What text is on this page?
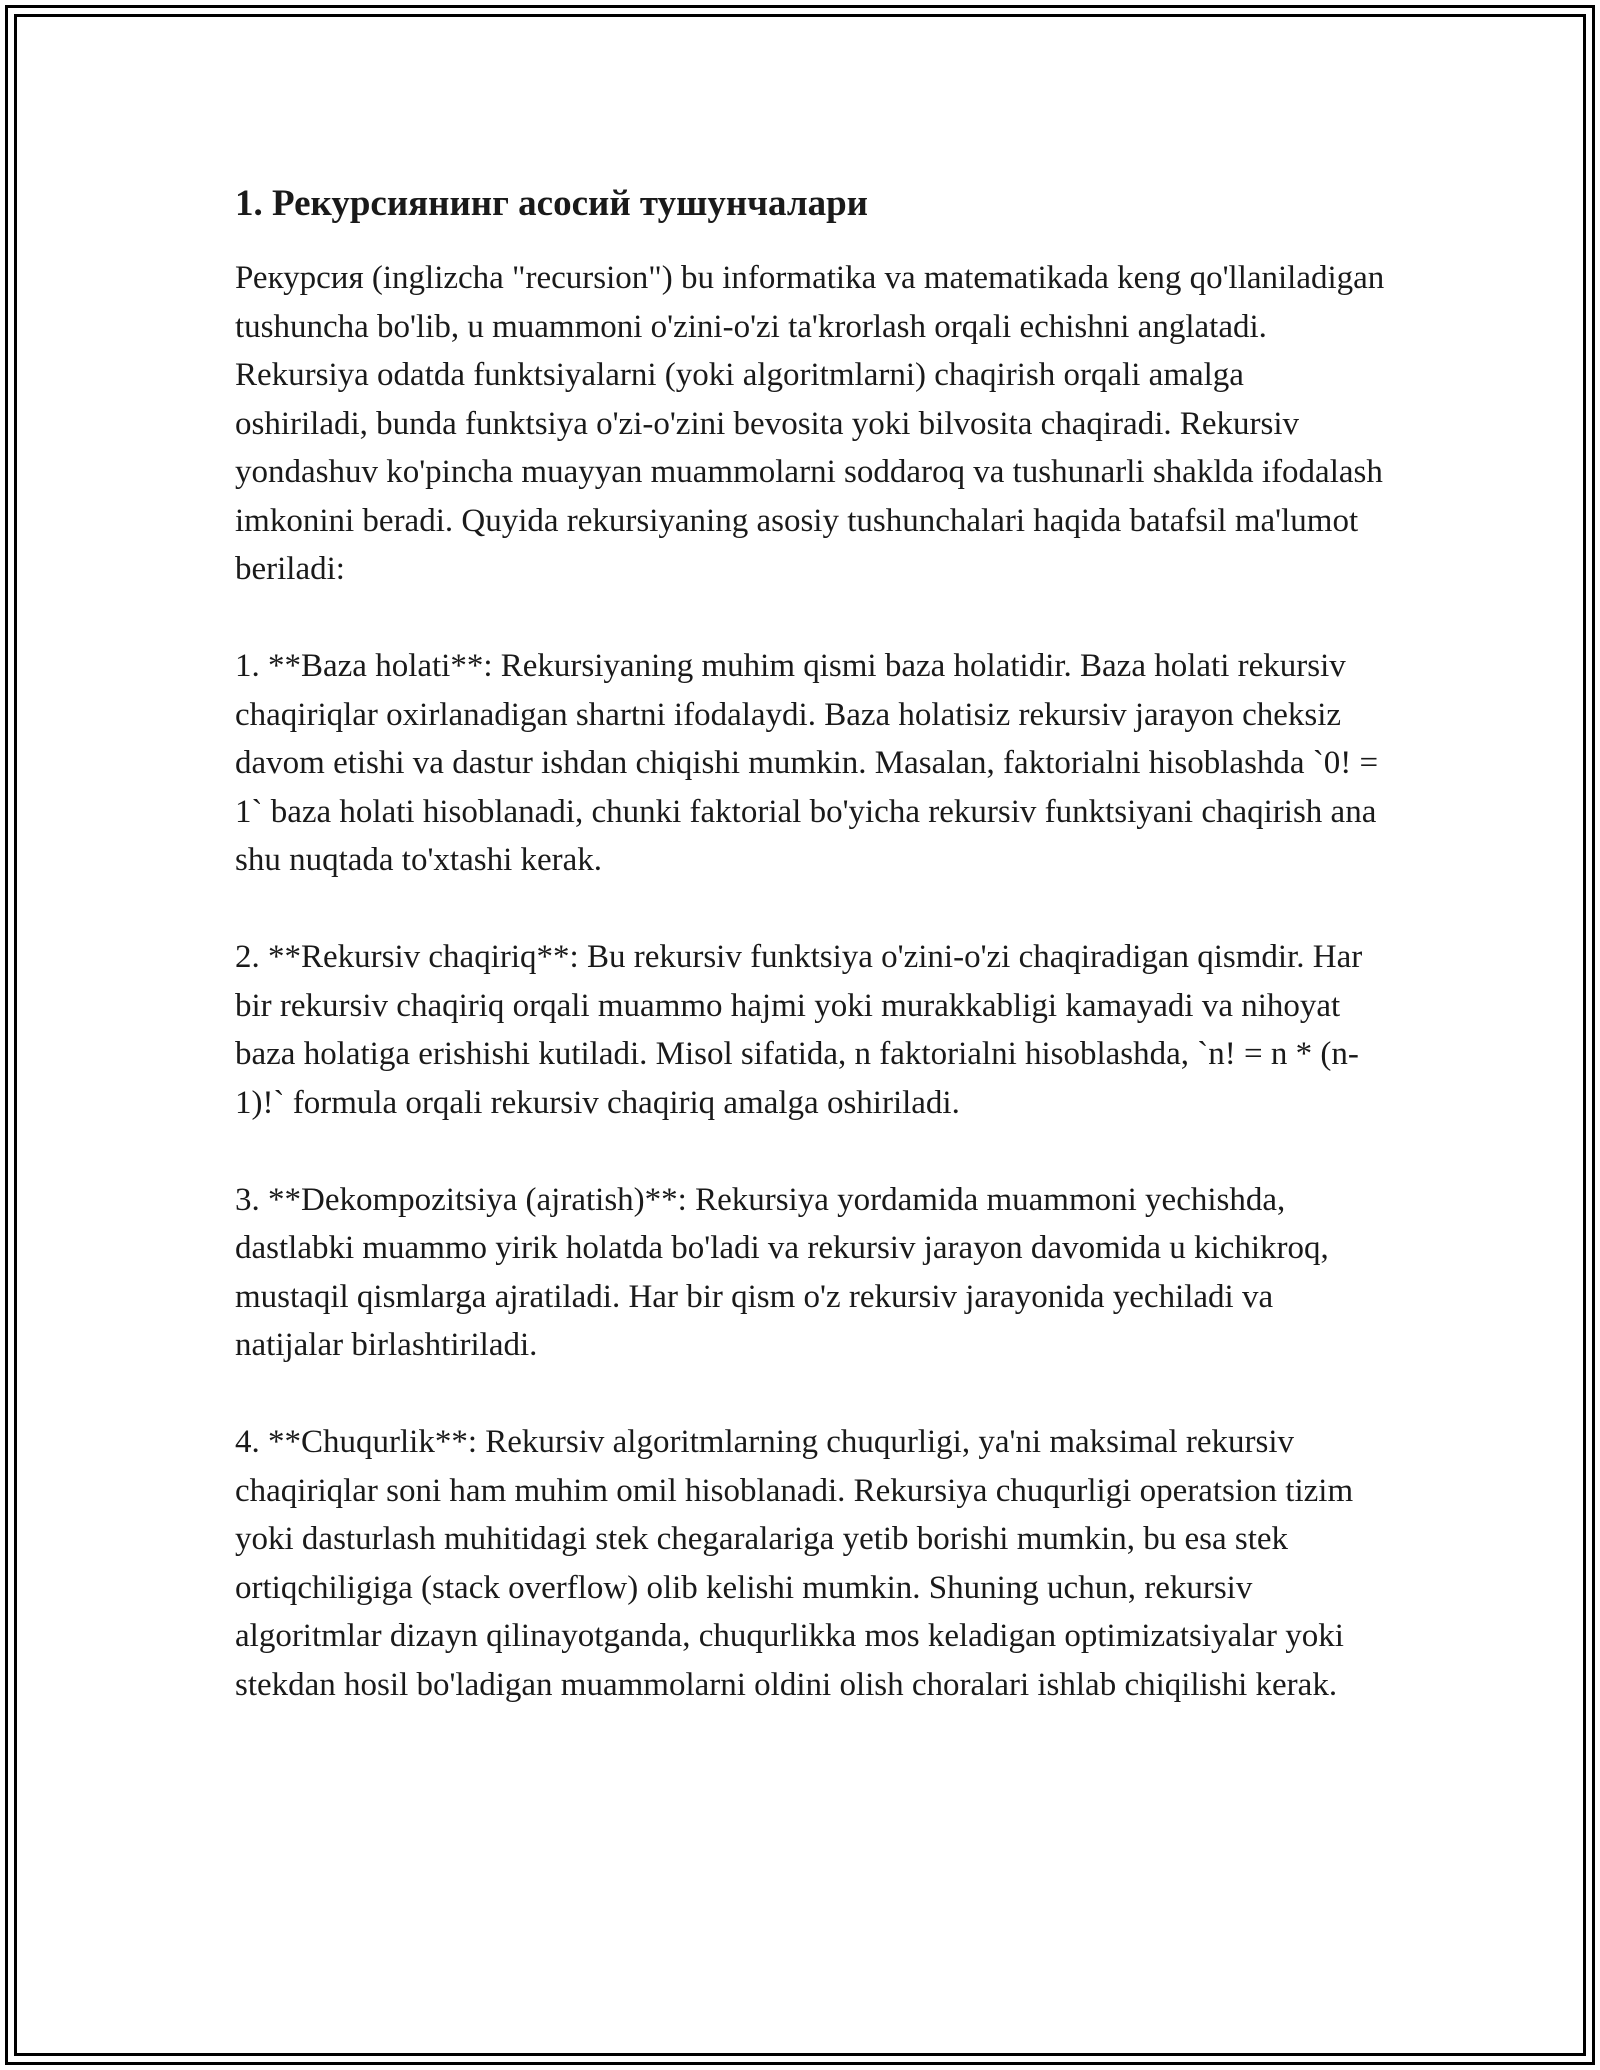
1. Рекурсиянинг асосий тушунчалари

Рекурсия (inglizcha "recursion") bu informatika va matematikada keng qo'llaniladigan tushuncha bo'lib, u muammoni o'zini-o'zi ta'krorlash orqali echishni anglatadi. Rekursiya odatda funktsiyalarni (yoki algoritmlarni) chaqirish orqali amalga oshiriladi, bunda funktsiya o'zi-o'zini bevosita yoki bilvosita chaqiradi. Rekursiv yondashuv ko'pincha muayyan muammolarni soddaroq va tushunarli shaklda ifodalash imkonini beradi. Quyida rekursiyaning asosiy tushunchalari haqida batafsil ma'lumot beriladi:

1. **Baza holati**: Rekursiyaning muhim qismi baza holatidir. Baza holati rekursiv chaqiriqlar oxirlanadigan shartni ifodalaydi. Baza holatisiz rekursiv jarayon cheksiz davom etishi va dastur ishdan chiqishi mumkin. Masalan, faktorialni hisoblashda `0! = 1` baza holati hisoblanadi, chunki faktorial bo'yicha rekursiv funktsiyani chaqirish ana shu nuqtada to'xtashi kerak.

2. **Rekursiv chaqiriq**: Bu rekursiv funktsiya o'zini-o'zi chaqiradigan qismdir. Har bir rekursiv chaqiriq orqali muammo hajmi yoki murakkabligi kamayadi va nihoyat baza holatiga erishishi kutiladi. Misol sifatida, n faktorialni hisoblashda, `n! = n * (n-1)!` formula orqali rekursiv chaqiriq amalga oshiriladi.

3. **Dekompozitsiya (ajratish)**: Rekursiya yordamida muammoni yechishda, dastlabki muammo yirik holatda bo'ladi va rekursiv jarayon davomida u kichikroq, mustaqil qismlarga ajratiladi. Har bir qism o'z rekursiv jarayonida yechiladi va natijalar birlashtiriladi.

4. **Chuqurlik**: Rekursiv algoritmlarning chuqurligi, ya'ni maksimal rekursiv chaqiriqlar soni ham muhim omil hisoblanadi. Rekursiya chuqurligi operatsion tizim yoki dasturlash muhitidagi stek chegaralariga yetib borishi mumkin, bu esa stek ortiqchiligiga (stack overflow) olib kelishi mumkin. Shuning uchun, rekursiv algoritmlar dizayn qilinayotganda, chuqurlikka mos keladigan optimizatsiyalar yoki stekdan hosil bo'ladigan muammolarni oldini olish choralari ishlab chiqilishi kerak.
